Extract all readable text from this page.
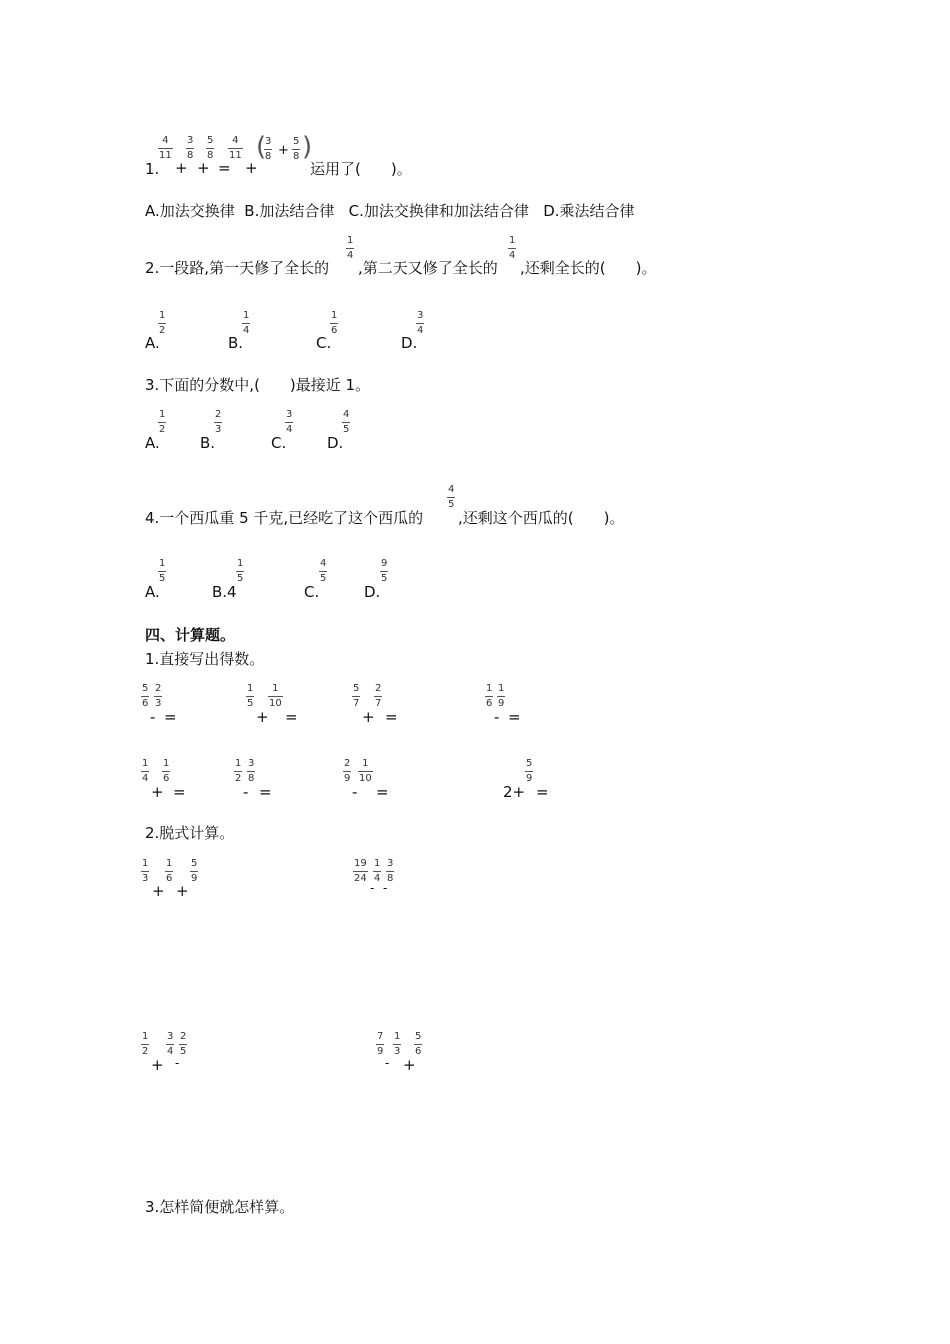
4
11
3
8
5
8
4
11 (
3
8 +
5
8 )
1. + + = +	运用了(　　)。
A.加法交换律  B.加法结合律   C.加法交换律和加法结合律   D.乘法结合律
2.一段路,第一天修了全长的
1
4
,第二天又修了全长的
1
4
,还剩全长的(　　)。
A.
1
2
B.
1
4
C.
1
6
D.
3
4
3.下面的分数中,(　　)最接近 1。
A.
1
2
B.
2
3
C.
3
4
D.
4
5
4.一个西瓜重 5 千克,已经吃了这个西瓜的
4
5
,还剩这个西瓜的(　　)。
A.
1
5
B.4
1
5
C.
4
5
D.
9
5
四、计算题。
1.直接写出得数。
5
6
2
3
- =
1
5
1
10
+ =
5
7
2
7
+ =
1
6
1
9
- =
1
4
1
6
+ =
1
2
3
8
- =
2
9
1
10
- =	2+
5
9
=
2.脱式计算。
1
3
1
6
5
9
+ +
19
24
1
4
3
8
- -
1
2
3
4
2
5
+ -
7
9
1
3
5
6
- +
3.怎样简便就怎样算。
